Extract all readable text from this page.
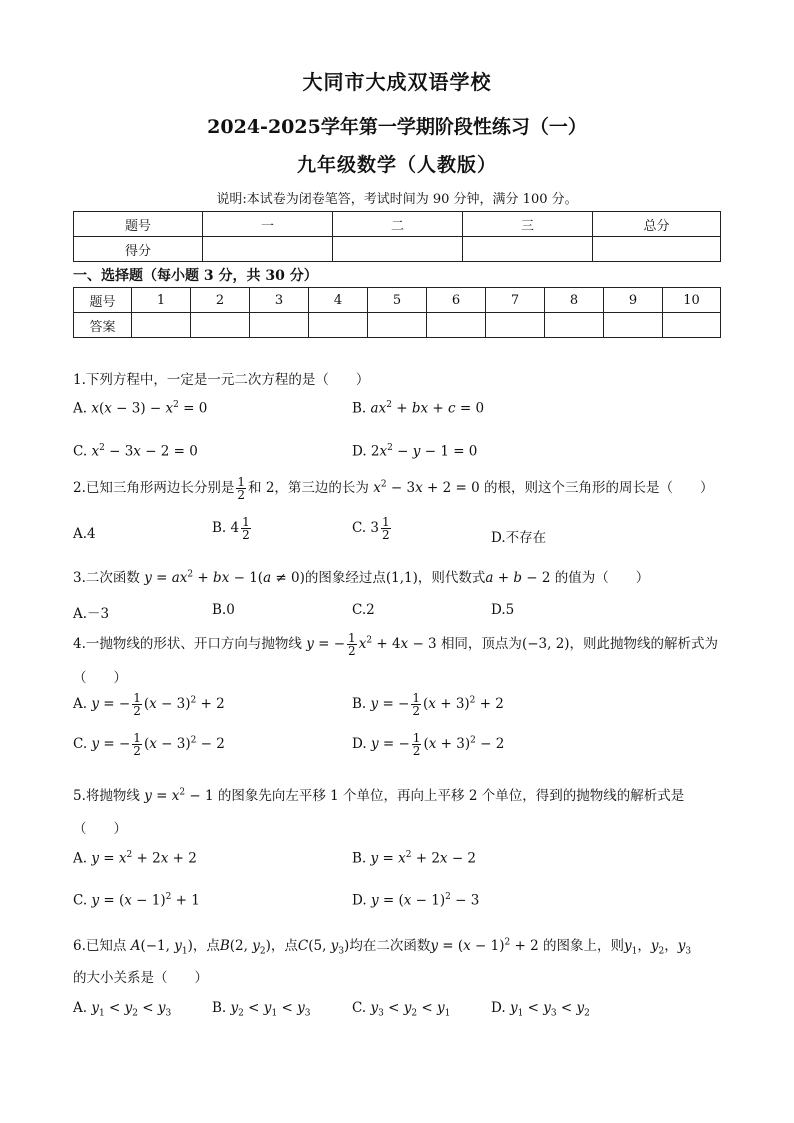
大同市大成双语学校
2024-2025学年第一学期阶段性练习（一）
九年级数学（人教版）
说明:本试卷为闭卷笔答，考试时间为 90 分钟，满分 100 分。
题号	一	二	三	总分
得分				
一、选择题（每小题 3 分，共 30 分）
题号	1	2	3	4	5	6	7	8	9	10
答案										
1.下列方程中，一定是一元二次方程的是（　　）
A. $x(x - 3) - x^2 = 0$	B. $ax^2$ + bx + c = 0
C. $x^2 - 3x - 2 = 0$	D. $2x^2 - y - 1 = 0$
2.已知三角形两边长分别是 $\frac{1}{2}$ 和 2，第三边的长为 $x^2 - 3x + 2 = 0$ 的根，则这个三角形的周长是（　　）
A.4	B. $4 \frac{1}{2}$	C. $3 \frac{1}{2}$	D.不存在
3.二次函数 $y = ax^2$ + bx − 1(a ≠ 0)的图象经过点(1,1)，则代数式a + b − 2 的值为（　　）
A.－3	B.0	C.2	D.5
4.一抛物线的形状、开口方向与抛物线 y = − $\frac{1}{2} x^2 + 4x - 3$ 相同，顶点为(−3, 2)，则此抛物线的解析式为
（　　）
A. y = − $\frac{1}{2} (x - 3)^2 + 2$	B. y = − $\frac{1}{2} (x + 3)^2 + 2$
C. y = − $\frac{1}{2} (x - 3)^2 - 2$	D. y = − $\frac{1}{2} (x + 3)^2 - 2$
5.将抛物线 $y = x^2 - 1$ 的图象先向左平移 1 个单位，再向上平移 2 个单位，得到的抛物线的解析式是
（　　）
A. $y = x^2 + 2x + 2$	B. $y = x^2 + 2x - 2$
C. $y = (x - 1)^2 + 1$	D. $y = (x - 1)^2 - 3$
6.已知点 A(−1, $y_1$)，点B(2, $y_2$)，点C(5, $y_3$)均在二次函数$y = (x - 1)^2 + 2$ 的图象上，则$y_1$，$y_2$，$y_3$
的大小关系是（　　）
A. $y_1 < y_2 < y_3$	B. $y_2 < y_1 < y_3$	C. $y_3 < y_2 < y_1$	D. $y_1 < y_3 < y_2$
